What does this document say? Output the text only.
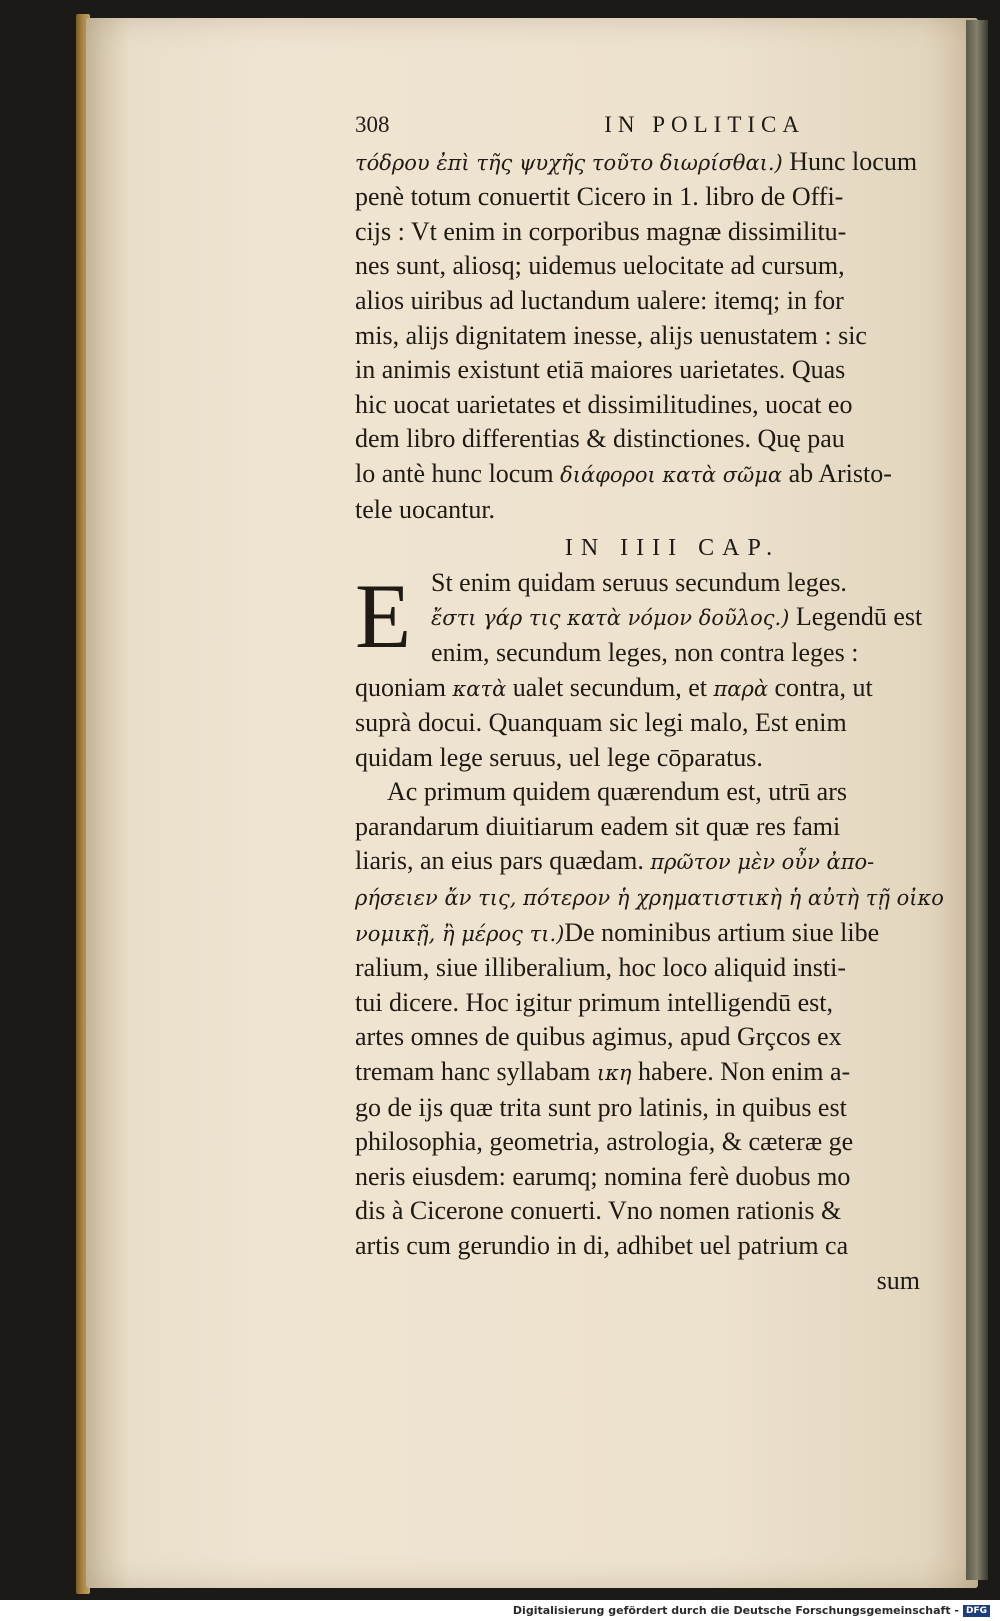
308	IN POLITICA
τόδρου ἐπὶ τῆς ψυχῆς τοῦτο διωρίσθαι.) Hunc locum
penè totum conuertit Cicero in 1. libro de Offi-
cijs : Vt enim in corporibus magnæ dissimilitu-
nes sunt, aliosq; uidemus uelocitate ad cursum,
alios uiribus ad luctandum ualere: itemq; in for
mis, alijs dignitatem inesse, alijs uenustatem : sic
in animis existunt etiā maiores uarietates. Quas
hic uocat uarietates et dissimilitudines, uocat eo
dem libro differentias & distinctiones. Quę pau
lo antè hunc locum διάφοροι κατὰ σῶμα ab Aristo-
tele uocantur.
IN IIII CAP.
E St enim quidam seruus secundum leges.
ἔστι γάρ τις κατὰ νόμον δοῦλος.) Legendū est
enim, secundum leges, non contra leges :
quoniam κατὰ ualet secundum, et παρὰ contra, ut
suprà docui. Quanquam sic legi malo, Est enim
quidam lege seruus, uel lege cōparatus.
Ac primum quidem quærendum est, utrū ars
parandarum diuitiarum eadem sit quæ res fami
liaris, an eius pars quædam. πρῶτον μὲν οὖν ἀπο-
ρήσειεν ἄν τις, πότερον ἡ χρηματιστικὴ ἡ αὐτὴ τῇ οἰκο
νομικῇ, ἢ μέρος τι.)De nominibus artium siue libe
ralium, siue illiberalium, hoc loco aliquid insti-
tui dicere. Hoc igitur primum intelligendū est,
artes omnes de quibus agimus, apud Grçcos ex
tremam hanc syllabam ικη habere. Non enim a-
go de ijs quæ trita sunt pro latinis, in quibus est
philosophia, geometria, astrologia, & cæteræ ge
neris eiusdem: earumq; nomina ferè duobus mo
dis à Cicerone conuerti. Vno nomen rationis &
artis cum gerundio in di, adhibet uel patrium ca
sum
Digitalisierung gefördert durch die Deutsche Forschungsgemeinschaft - DFG
